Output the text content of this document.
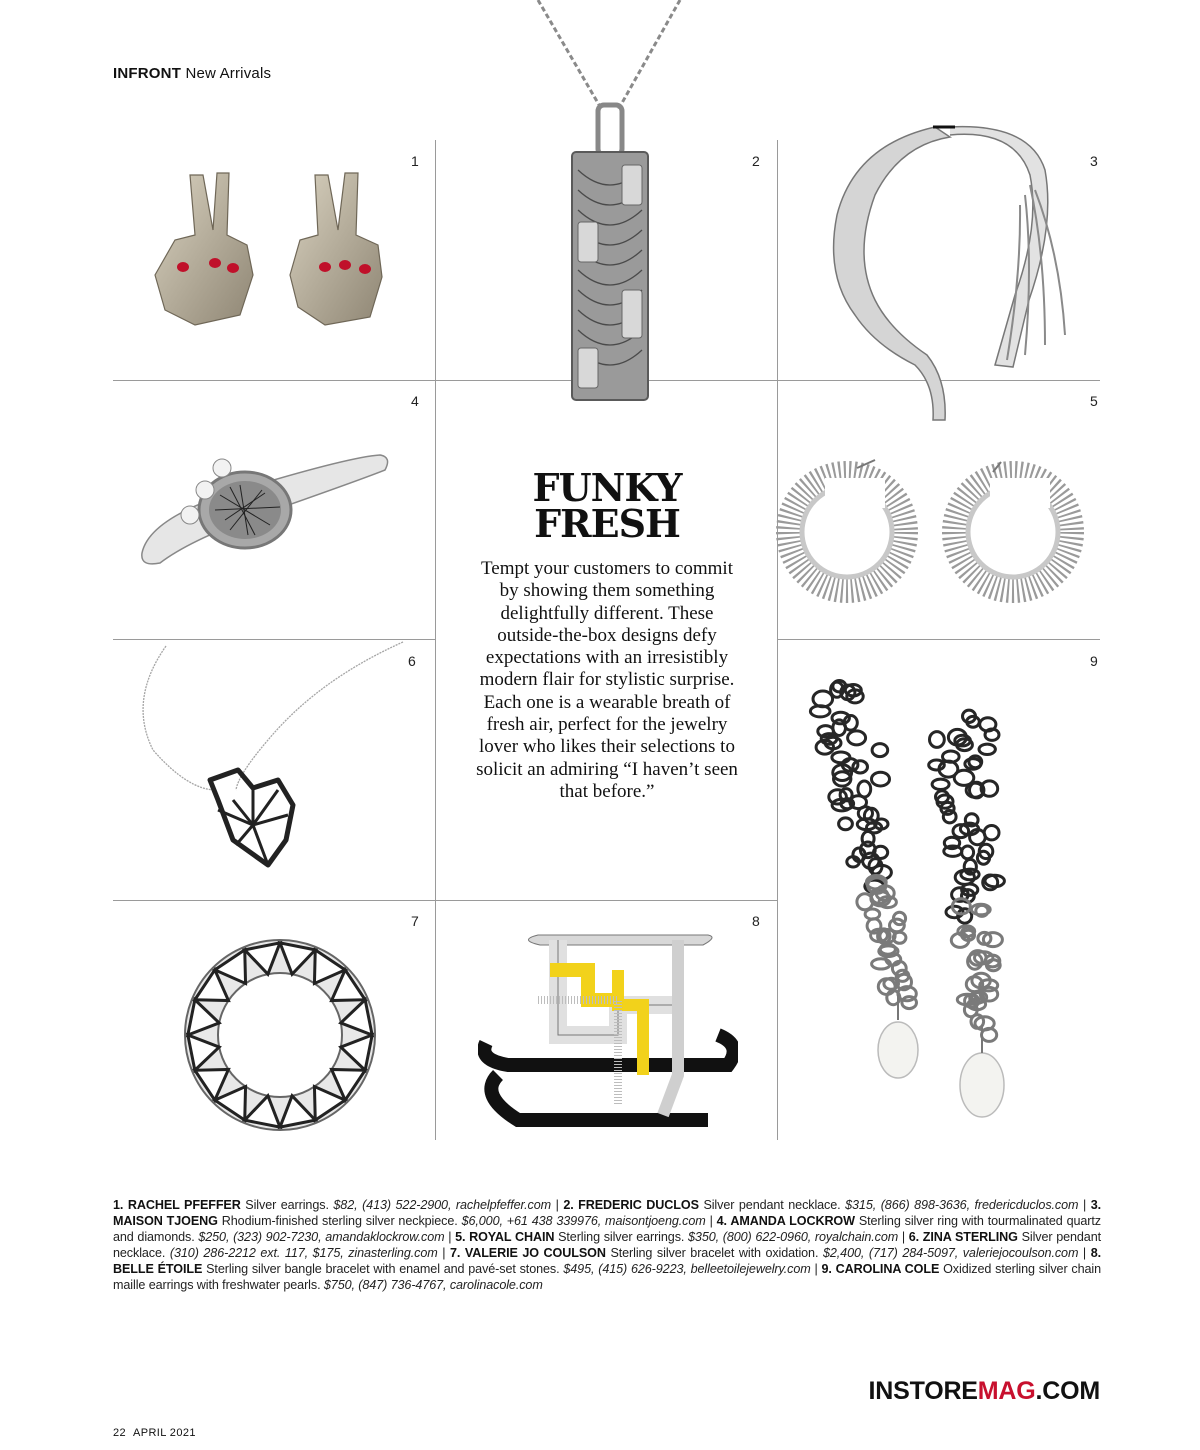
INFRONT New Arrivals
1	2	3
4	5
6	9
7	8
FUNKY
FRESH
Tempt your customers to commit by showing them something delightfully different. These outside-the-box designs defy expectations with an irresistibly modern flair for stylistic surprise. Each one is a wearable breath of fresh air, perfect for the jewelry lover who likes their selections to solicit an admiring “I haven’t seen that before.”
1. RACHEL PFEFFER Silver earrings. $82, (413) 522-2900, rachelpfeffer.com | 2. FREDERIC DUCLOS Silver pendant necklace. $315, (866) 898-3636, fredericduclos.com | 3. MAISON TJOENG Rhodium-finished sterling silver neckpiece. $6,000, +61 438 339976, maisontjoeng.com | 4. AMANDA LOCKROW Sterling silver ring with tourmalinated quartz and diamonds. $250, (323) 902-7230, amandaklockrow.com | 5. ROYAL CHAIN Sterling silver earrings. $350, (800) 622-0960, royalchain.com | 6. ZINA STERLING Silver pendant necklace. (310) 286-2212 ext. 117, $175, zinasterling.com | 7. VALERIE JO COULSON Sterling silver bracelet with oxidation. $2,400, (717) 284-5097, valeriejocoulson.com | 8. BELLE ÉTOILE Sterling silver bangle bracelet with enamel and pavé-set stones. $495, (415) 626-9223, belleetoilejewelry.com | 9. CAROLINA COLE Oxidized sterling silver chain maille earrings with freshwater pearls. $750, (847) 736-4767, carolinacole.com
22 APRIL 2021
INSTOREMAG.COM
